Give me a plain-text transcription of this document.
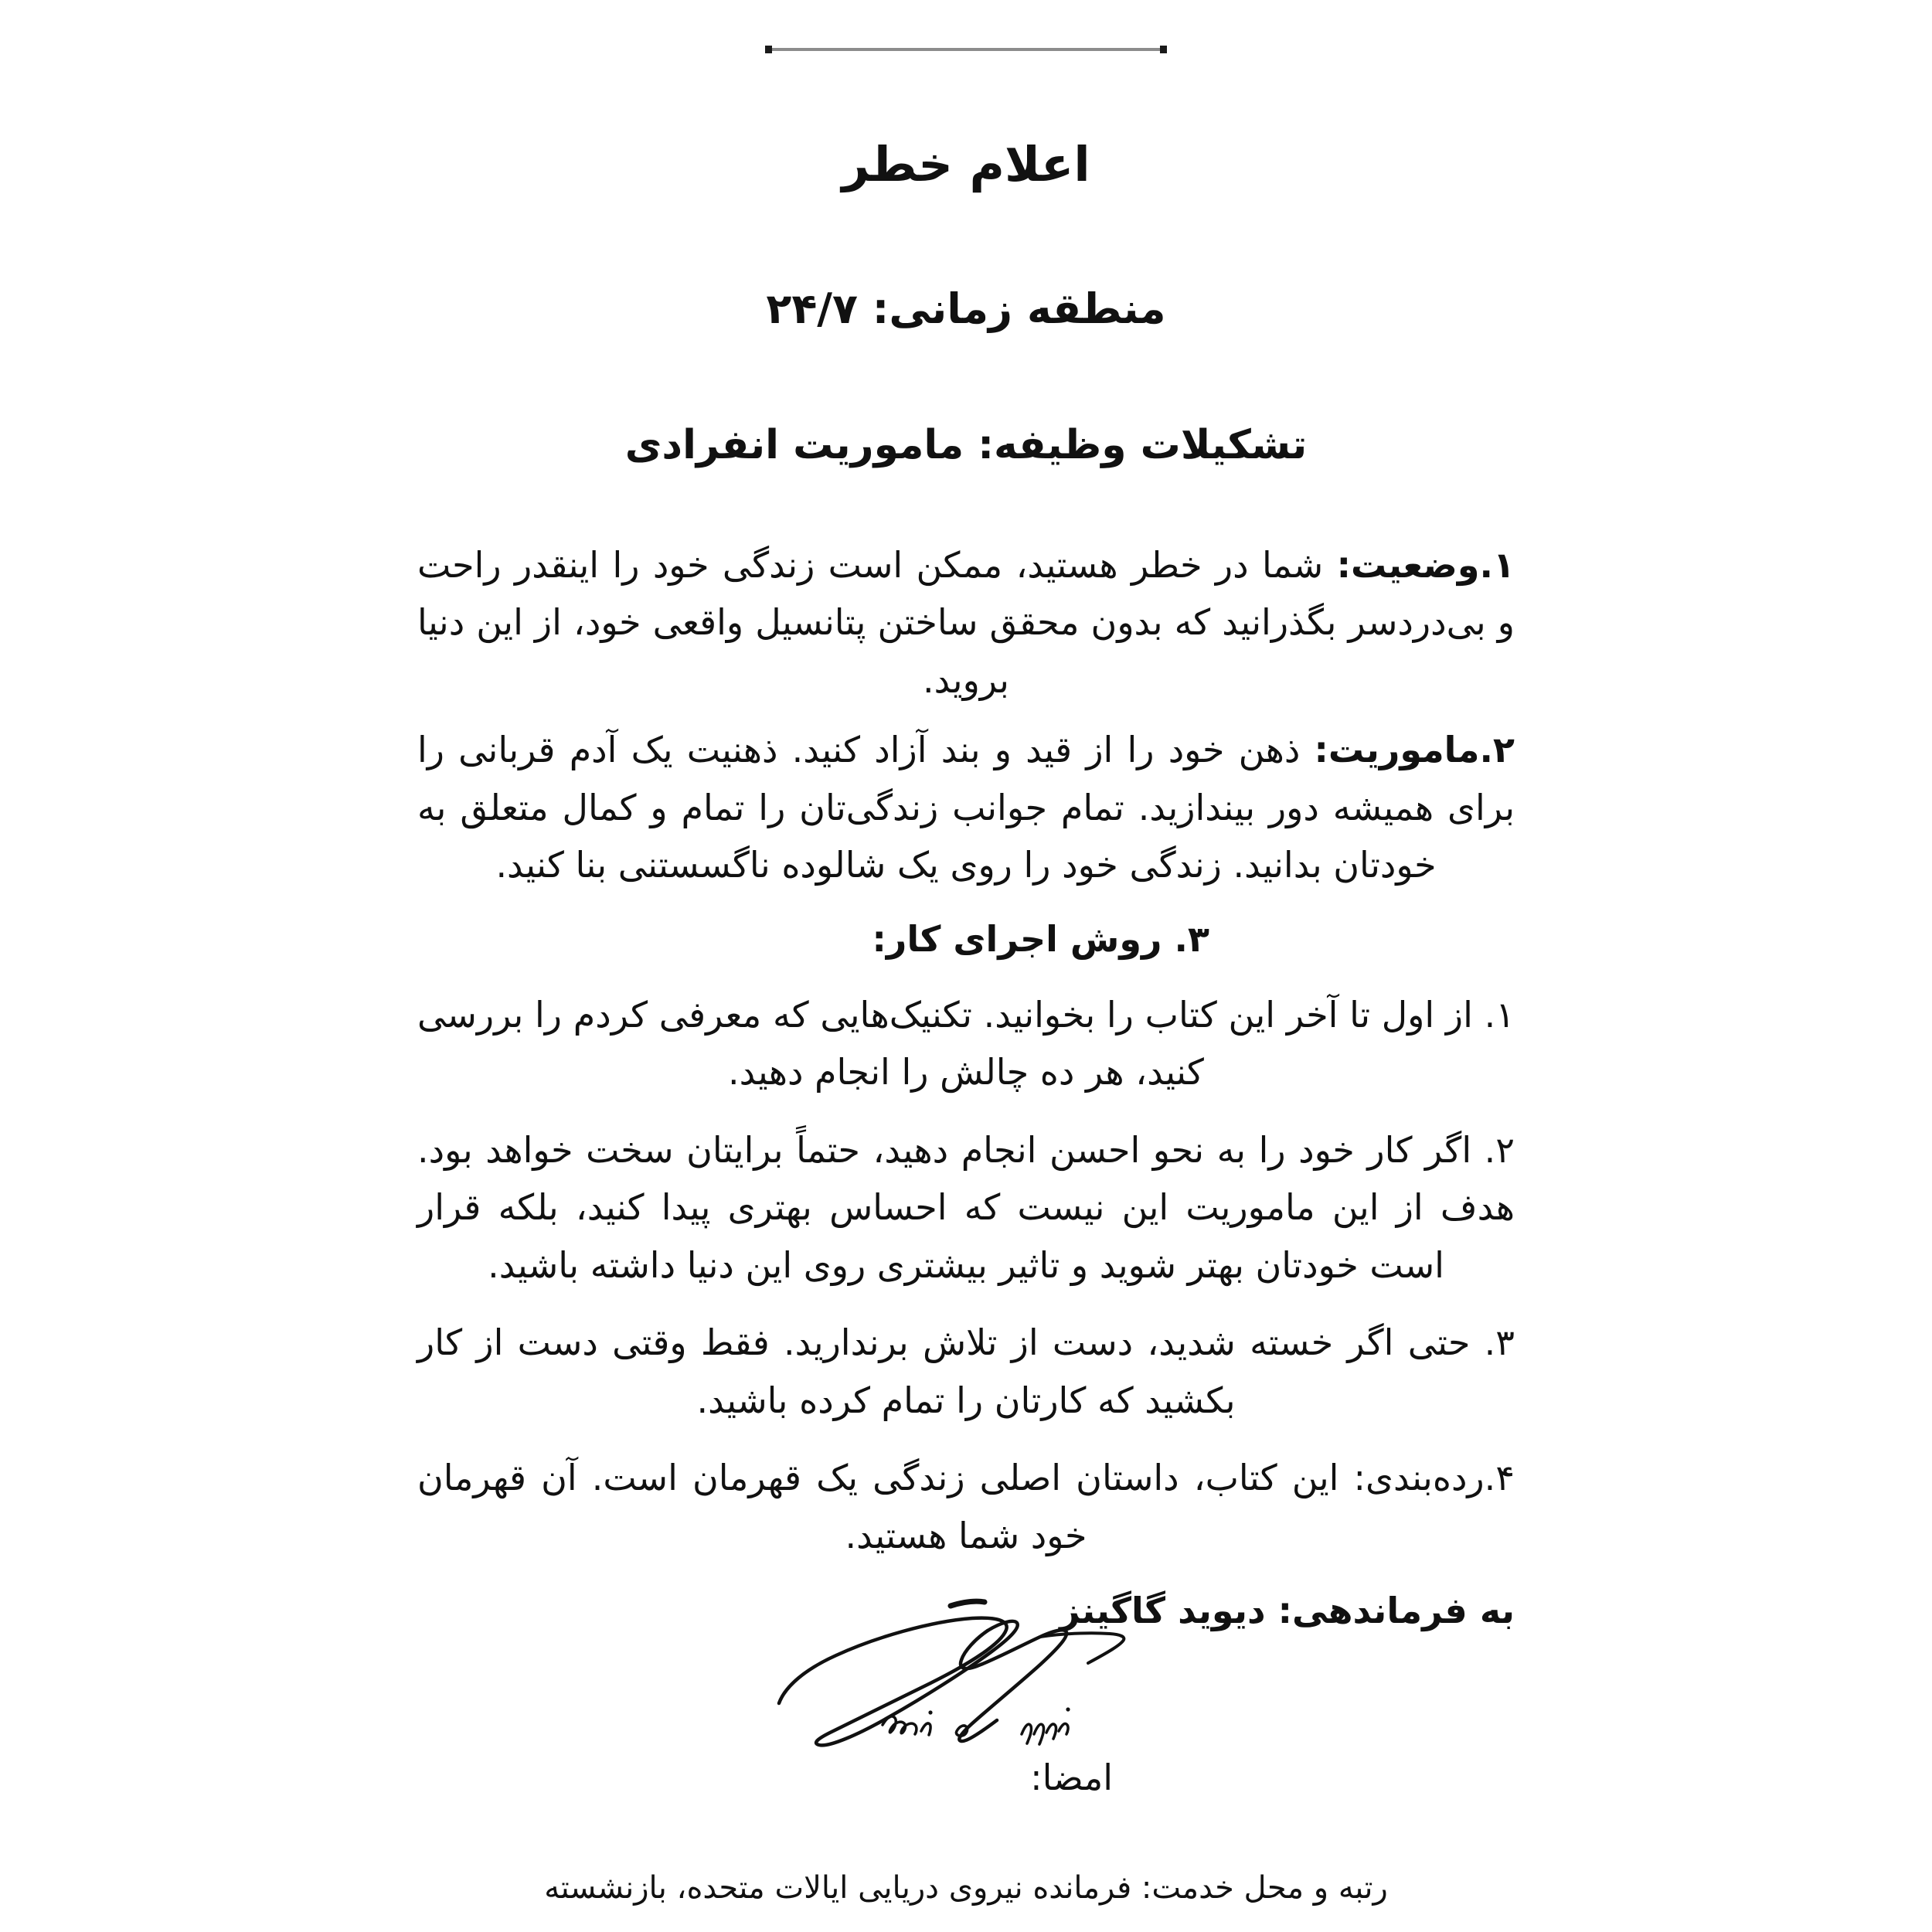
اعلام خطر
منطقه زمانی: ۲۴/۷
تشکیلات وظیفه: ماموریت انفرادی

۱.وضعیت: شما در خطر هستید، ممکن است زندگی خود را اینقدر راحت و بی‌دردسر بگذرانید که بدون محقق ساختن پتانسیل واقعی خود، از این دنیا بروید.

۲.ماموریت: ذهن خود را از قید و بند آزاد کنید. ذهنیت یک آدم قربانی را برای همیشه دور بیندازید. تمام جوانب زندگی‌تان را تمام و کمال متعلق به خودتان بدانید. زندگی خود را روی یک شالوده ناگسستنی بنا کنید.

۳. روش اجرای کار:

۱. از اول تا آخر این کتاب را بخوانید. تکنیک‌هایی که معرفی کردم را بررسی کنید، هر ده چالش را انجام دهید.

۲. اگر کار خود را به نحو احسن انجام دهید، حتماً برایتان سخت خواهد بود. هدف از این ماموریت این نیست که احساس بهتری پیدا کنید، بلکه قرار است خودتان بهتر شوید و تاثیر بیشتری روی این دنیا داشته باشید.

۳. حتی اگر خسته شدید، دست از تلاش برندارید. فقط وقتی دست از کار بکشید که کارتان را تمام کرده باشید.

۴.رده‌بندی: این کتاب، داستان اصلی زندگی یک قهرمان است. آن قهرمان خود شما هستید.

به فرماندهی: دیوید گاگینز
امضا:
رتبه و محل خدمت: فرمانده نیروی دریایی ایالات متحده، بازنشسته
